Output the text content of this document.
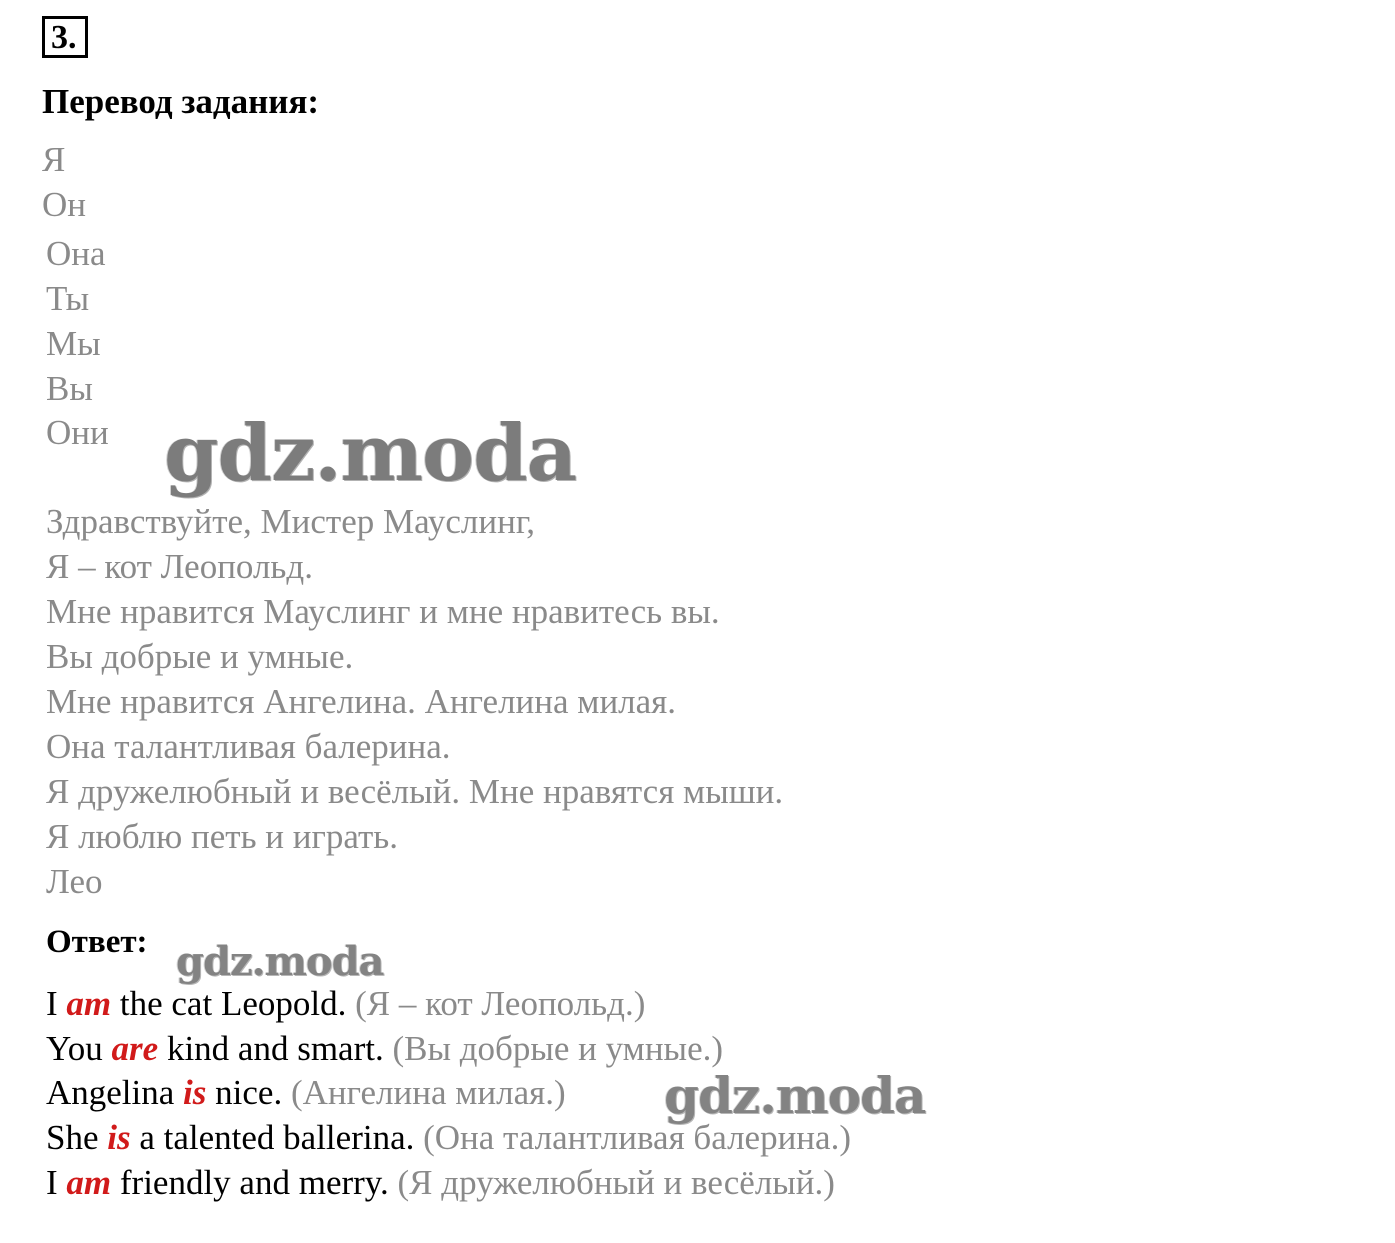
3.
Перевод задания:
Я
Он
Она
Ты
Мы
Вы
Они
Здравствуйте, Мистер Мауслинг,
Я – кот Леопольд.
Мне нравится Мауслинг и мне нравитесь вы.
Вы добрые и умные.
Мне нравится Ангелина. Ангелина милая.
Она талантливая балерина.
Я дружелюбный и весёлый. Мне нравятся мыши.
Я люблю петь и играть.
Лео
Ответ:
I am the cat Leopold. (Я – кот Леопольд.)
You are kind and smart. (Вы добрые и умные.)
Angelina is nice. (Ангелина милая.)
She is a talented ballerina. (Она талантливая балерина.)
I am friendly and merry. (Я дружелюбный и весёлый.)
gdz.moda
gdz.moda
gdz.moda
